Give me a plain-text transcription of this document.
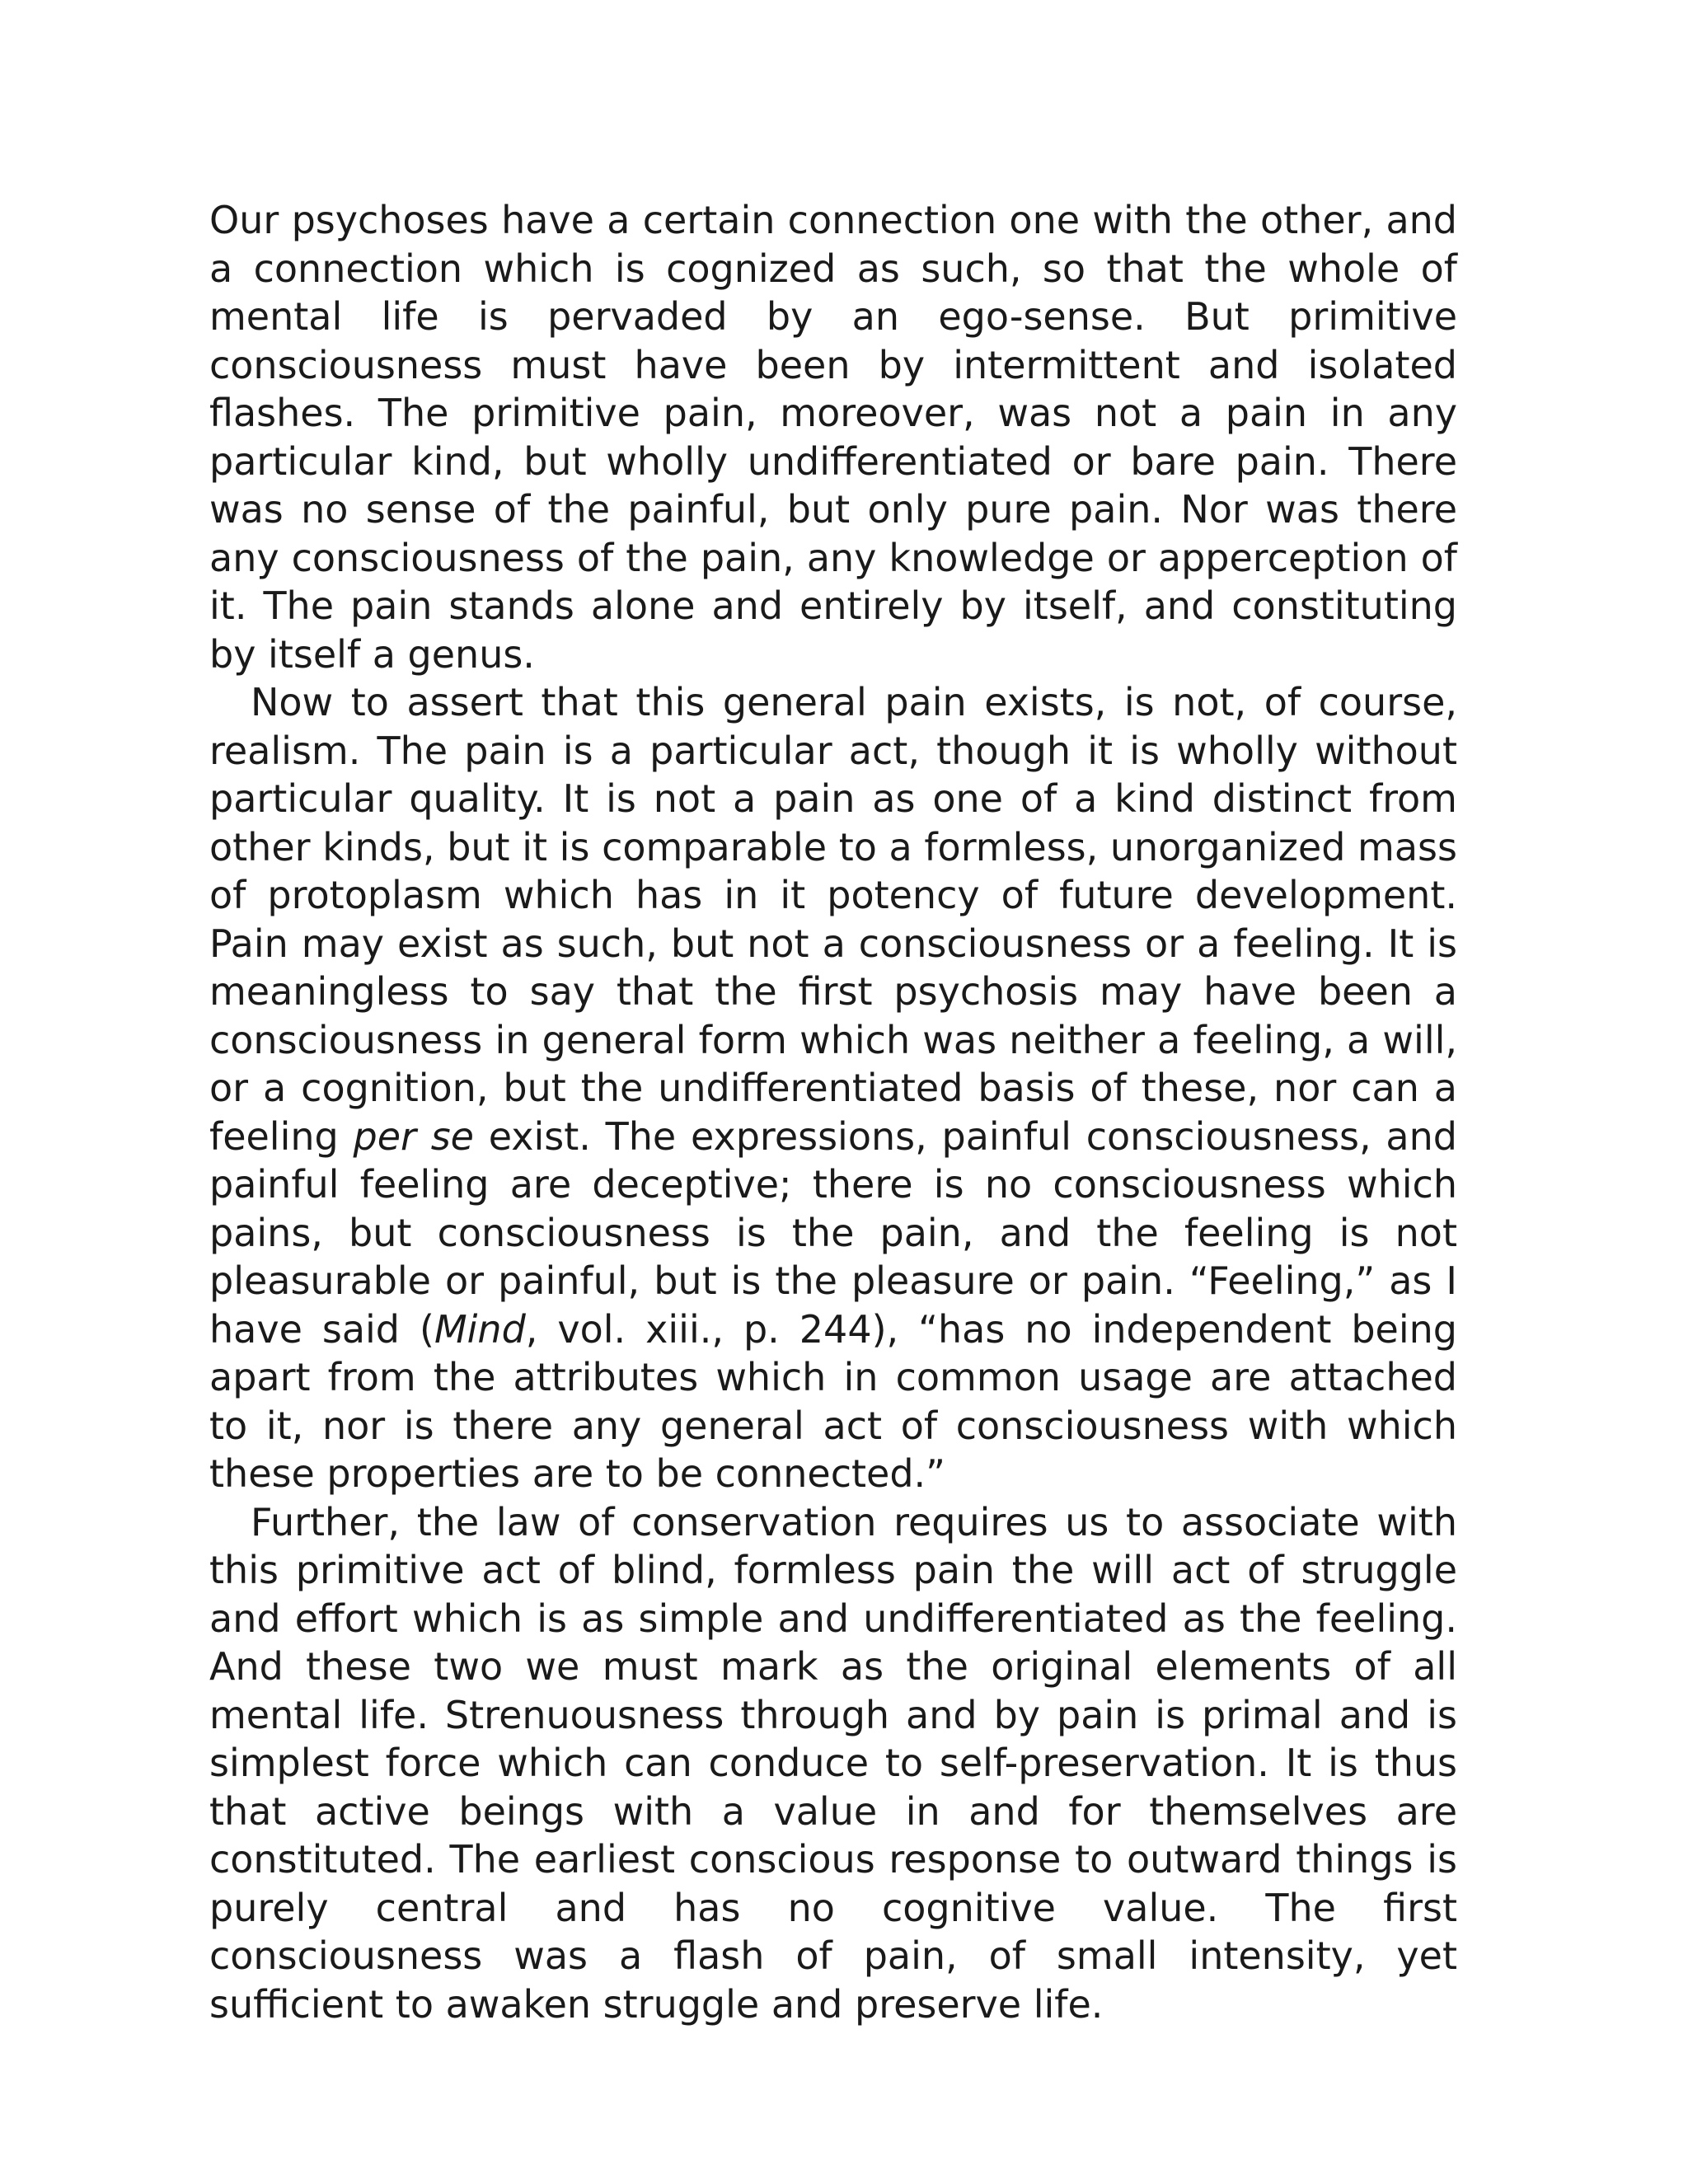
Our psychoses have a certain connection one with the other, and a connection which is cognized as such, so that the whole of mental life is pervaded by an ego-sense. But primitive consciousness must have been by intermittent and isolated flashes. The primitive pain, moreover, was not a pain in any particular kind, but wholly undifferentiated or bare pain. There was no sense of the painful, but only pure pain. Nor was there any consciousness of the pain, any knowledge or apperception of it. The pain stands alone and entirely by itself, and constituting by itself a genus.

Now to assert that this general pain exists, is not, of course, realism. The pain is a particular act, though it is wholly without particular quality. It is not a pain as one of a kind distinct from other kinds, but it is comparable to a formless, unorganized mass of protoplasm which has in it potency of future development. Pain may exist as such, but not a consciousness or a feeling. It is meaningless to say that the first psychosis may have been a consciousness in general form which was neither a feeling, a will, or a cognition, but the undifferentiated basis of these, nor can a feeling per se exist. The expressions, painful consciousness, and painful feeling are deceptive; there is no consciousness which pains, but consciousness is the pain, and the feeling is not pleasurable or painful, but is the pleasure or pain. “Feeling,” as I have said (Mind, vol. xiii., p. 244), “has no independent being apart from the attributes which in common usage are attached to it, nor is there any general act of consciousness with which these properties are to be connected.”

Further, the law of conservation requires us to associate with this primitive act of blind, formless pain the will act of struggle and effort which is as simple and undifferentiated as the feeling. And these two we must mark as the original elements of all mental life. Strenuousness through and by pain is primal and is simplest force which can conduce to self-preservation. It is thus that active beings with a value in and for themselves are constituted. The earliest conscious response to outward things is purely central and has no cognitive value. The first consciousness was a flash of pain, of small intensity, yet sufficient to awaken struggle and preserve life.
